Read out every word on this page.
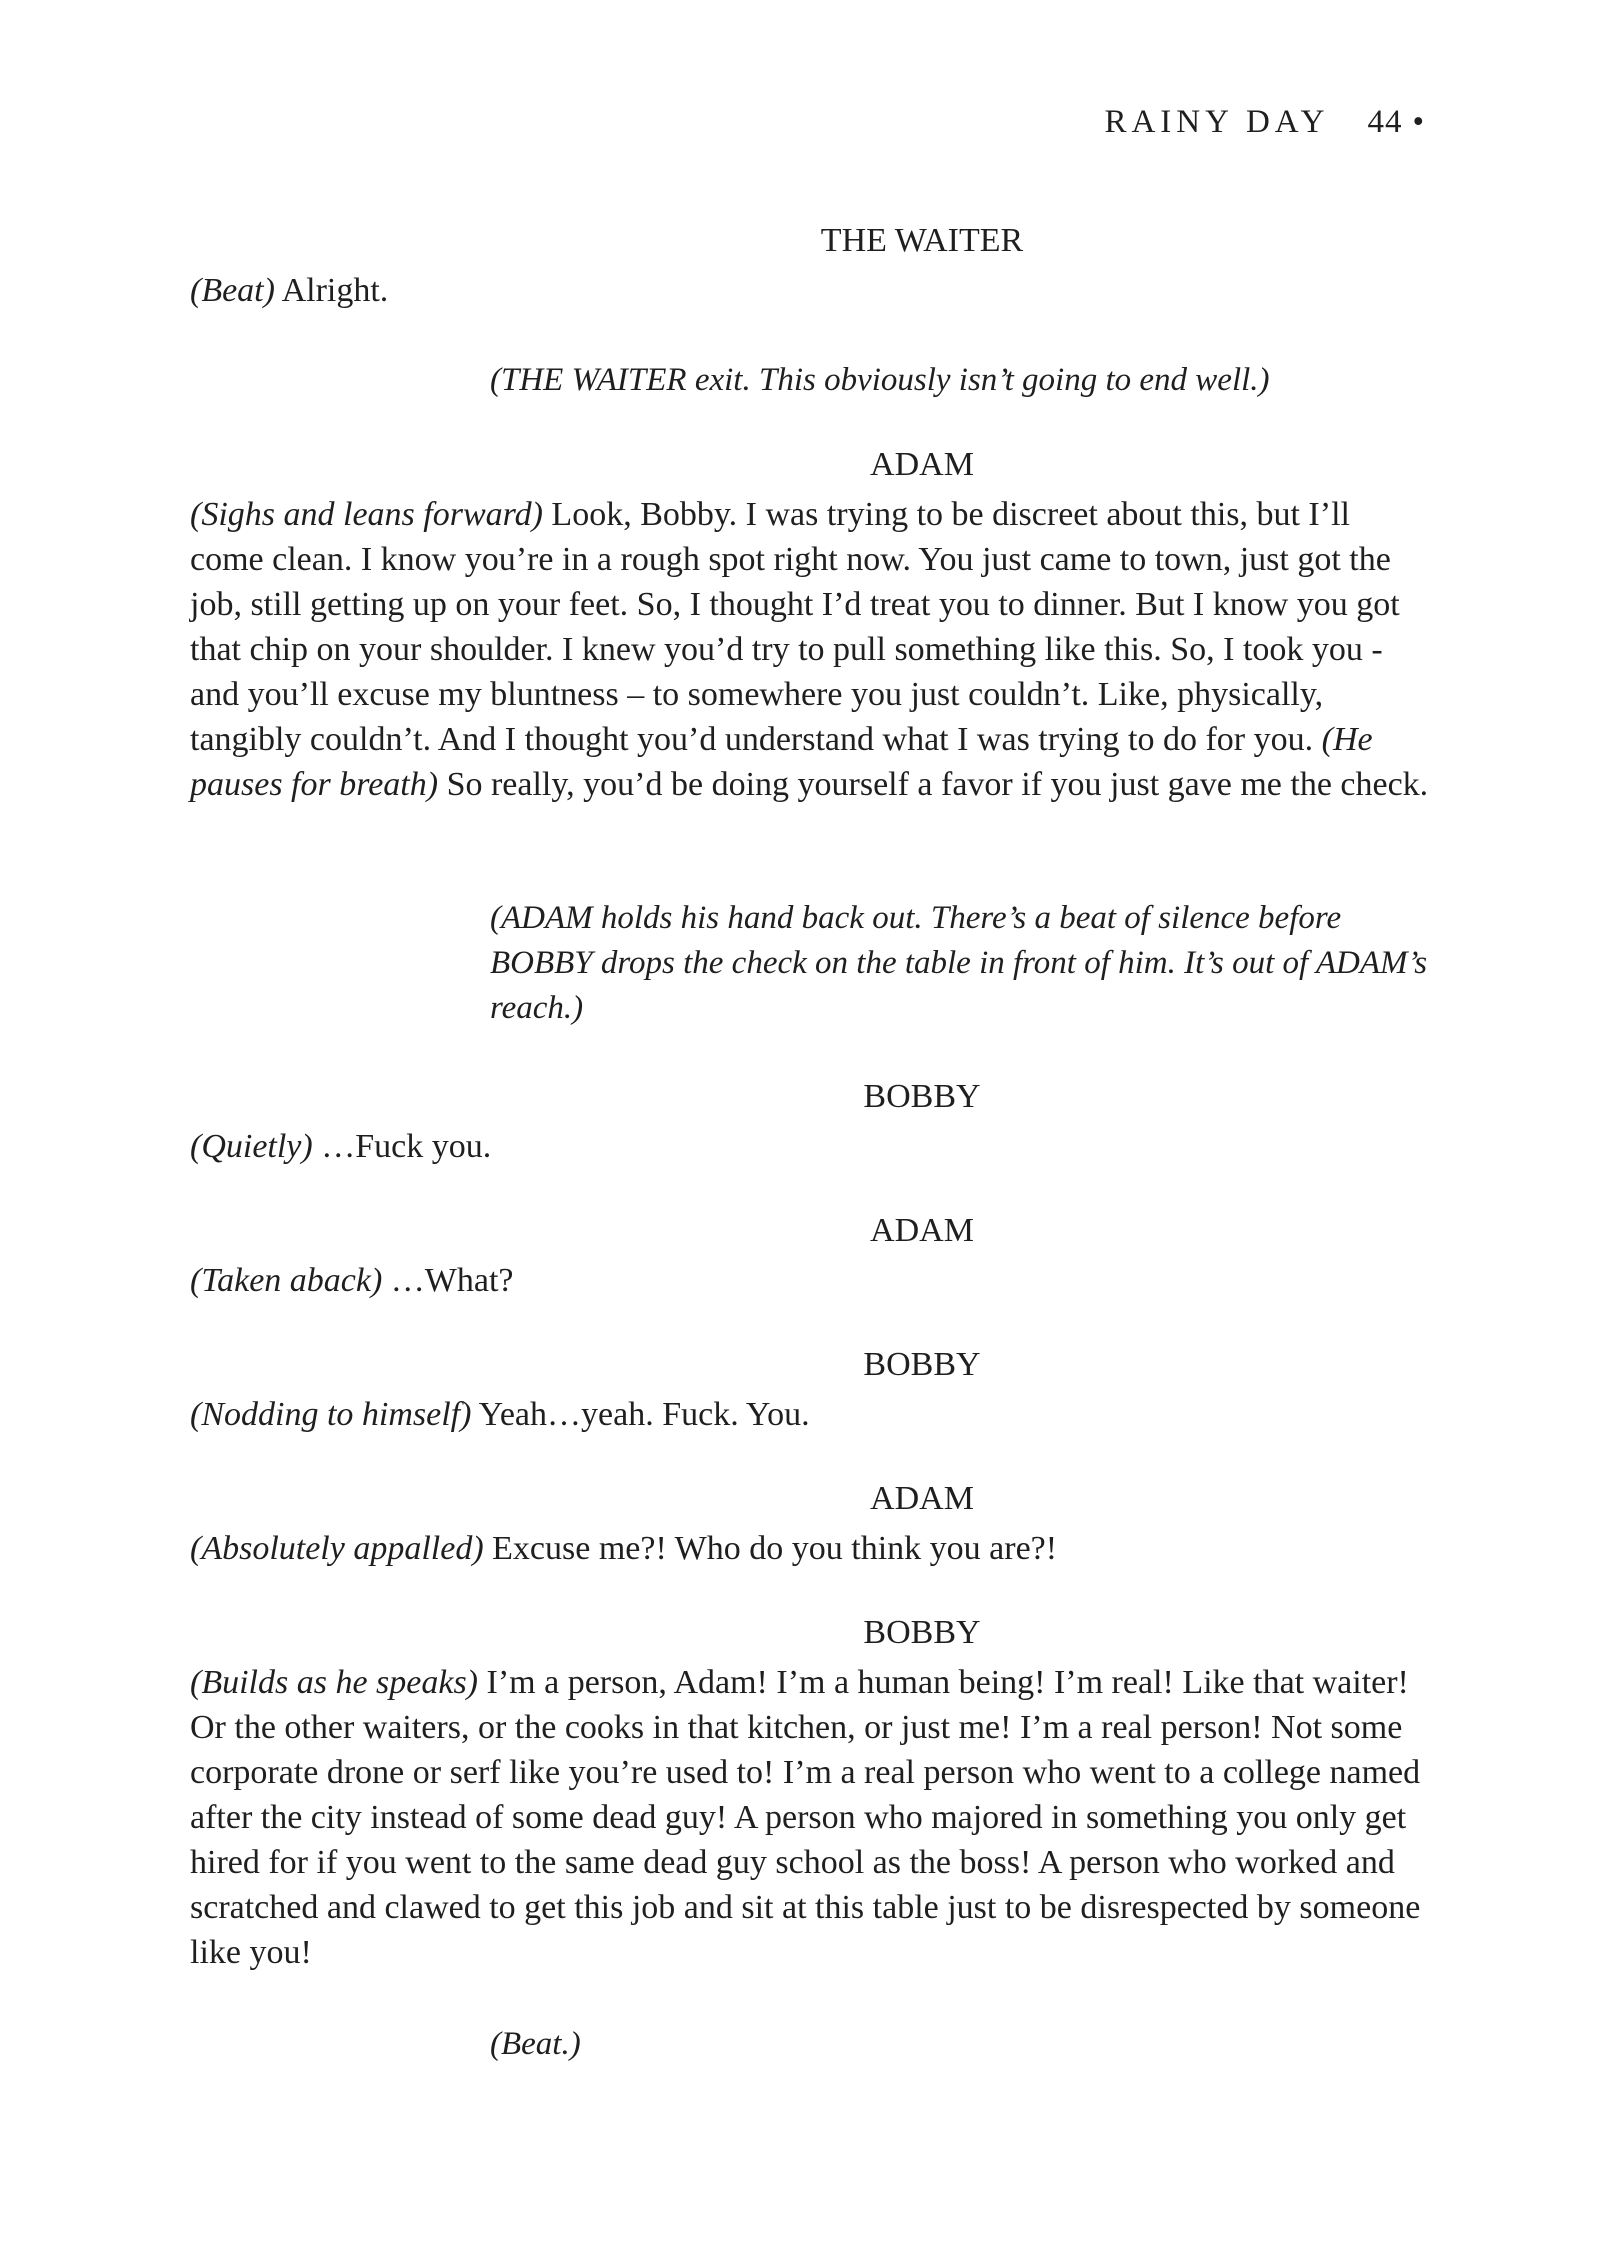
RAINY DAY 44 •
THE WAITER

(Beat) Alright.

(THE WAITER exit. This obviously isn’t going to end well.)

ADAM

(Sighs and leans forward) Look, Bobby. I was trying to be discreet about this, but I’ll come clean. I know you’re in a rough spot right now. You just came to town, just got the job, still getting up on your feet. So, I thought I’d treat you to dinner. But I know you got that chip on your shoulder. I knew you’d try to pull something like this. So, I took you - and you’ll excuse my bluntness – to somewhere you just couldn’t. Like, physically, tangibly couldn’t. And I thought you’d understand what I was trying to do for you. (He pauses for breath) So really, you’d be doing yourself a favor if you just gave me the check.

(ADAM holds his hand back out. There’s a beat of silence before BOBBY drops the check on the table in front of him. It’s out of ADAM’s reach.)

BOBBY

(Quietly) …Fuck you.

ADAM

(Taken aback) …What?

BOBBY

(Nodding to himself) Yeah…yeah. Fuck. You.

ADAM

(Absolutely appalled) Excuse me?! Who do you think you are?!

BOBBY

(Builds as he speaks) I’m a person, Adam! I’m a human being! I’m real! Like that waiter! Or the other waiters, or the cooks in that kitchen, or just me! I’m a real person! Not some corporate drone or serf like you’re used to! I’m a real person who went to a college named after the city instead of some dead guy! A person who majored in something you only get hired for if you went to the same dead guy school as the boss! A person who worked and scratched and clawed to get this job and sit at this table just to be disrespected by someone like you!

(Beat.)
